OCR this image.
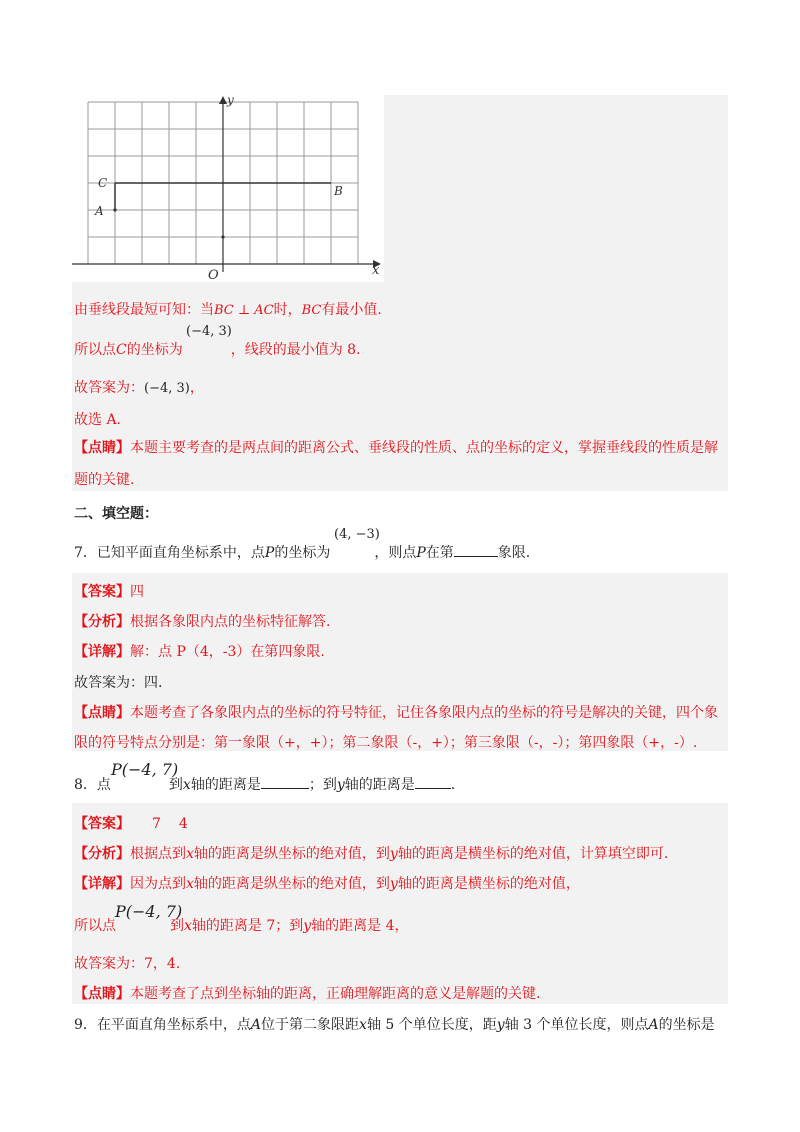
y
x
O
C
A
B
由垂线段最短可知：当BC ⊥ AC时，BC有最小值.
(−4, 3)
所以点C的坐标为	，线段的最小值为 8.
故答案为：(−4, 3)，
故选 A.
【点睛】本题主要考查的是两点间的距离公式、垂线段的性质、点的坐标的定义，掌握垂线段的性质是解
题的关键.
二、填空题：
(4, −3)
7．已知平面直角坐标系中，点P的坐标为	，则点P在第	象限.
【答案】四
【分析】根据各象限内点的坐标特征解答.
【详解】解：点 P（4，-3）在第四象限.
故答案为：四.
【点睛】本题考查了各象限内点的坐标的符号特征，记住各象限内点的坐标的符号是解决的关键，四个象
限的符号特点分别是：第一象限（+，+）；第二象限（-，+）；第三象限（-，-）；第四象限（+，-）.
P(−4, 7)
8．点	到x轴的距离是	；到y轴的距离是	.
【答案】 7 4
【分析】根据点到x轴的距离是纵坐标的绝对值，到y轴的距离是横坐标的绝对值，计算填空即可.
【详解】因为点到x轴的距离是纵坐标的绝对值，到y轴的距离是横坐标的绝对值，
P(−4, 7)
所以点	到x轴的距离是 7；到y轴的距离是 4，
故答案为：7，4.
【点睛】本题考查了点到坐标轴的距离，正确理解距离的意义是解题的关键.
9．在平面直角坐标系中，点A位于第二象限距x轴 5 个单位长度，距y轴 3 个单位长度，则点A的坐标是
